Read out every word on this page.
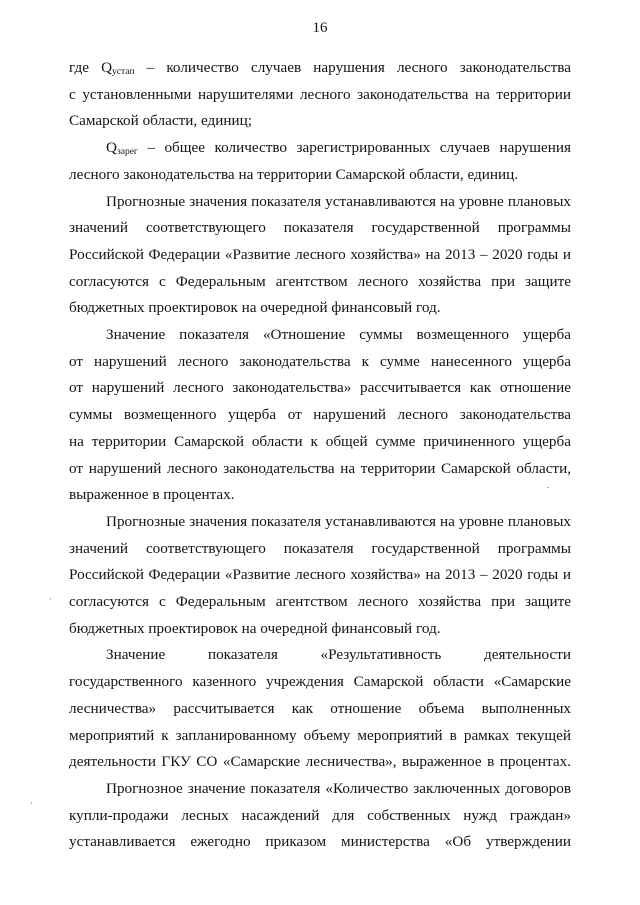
16
где $Q_{устап}$ – количество случаев нарушения лесного законодательства
с установленными нарушителями лесного законодательства на территории
Самарской области, единиц;
$Q_{зарег}$ – общее количество зарегистрированных случаев нарушения
лесного законодательства на территории Самарской области, единиц.
Прогнозные значения показателя устанавливаются на уровне плановых
значений соответствующего показателя государственной программы
Российской Федерации «Развитие лесного хозяйства» на 2013 – 2020 годы и
согласуются с Федеральным агентством лесного хозяйства при защите
бюджетных проектировок на очередной финансовый год.
Значение показателя «Отношение суммы возмещенного ущерба
от нарушений лесного законодательства к сумме нанесенного ущерба
от нарушений лесного законодательства» рассчитывается как отношение
суммы возмещенного ущерба от нарушений лесного законодательства
на территории Самарской области к общей сумме причиненного ущерба
от нарушений лесного законодательства на территории Самарской области,
выраженное в процентах.
Прогнозные значения показателя устанавливаются на уровне плановых
значений соответствующего показателя государственной программы
Российской Федерации «Развитие лесного хозяйства» на 2013 – 2020 годы и
согласуются с Федеральным агентством лесного хозяйства при защите
бюджетных проектировок на очередной финансовый год.
Значение показателя «Результативность деятельности
государственного казенного учреждения Самарской области «Самарские
лесничества» рассчитывается как отношение объема выполненных
мероприятий к запланированному объему мероприятий в рамках текущей
деятельности ГКУ СО «Самарские лесничества», выраженное в процентах.
Прогнозное значение показателя «Количество заключенных договоров
купли-продажи лесных насаждений для собственных нужд граждан»
устанавливается ежегодно приказом министерства «Об утверждении
